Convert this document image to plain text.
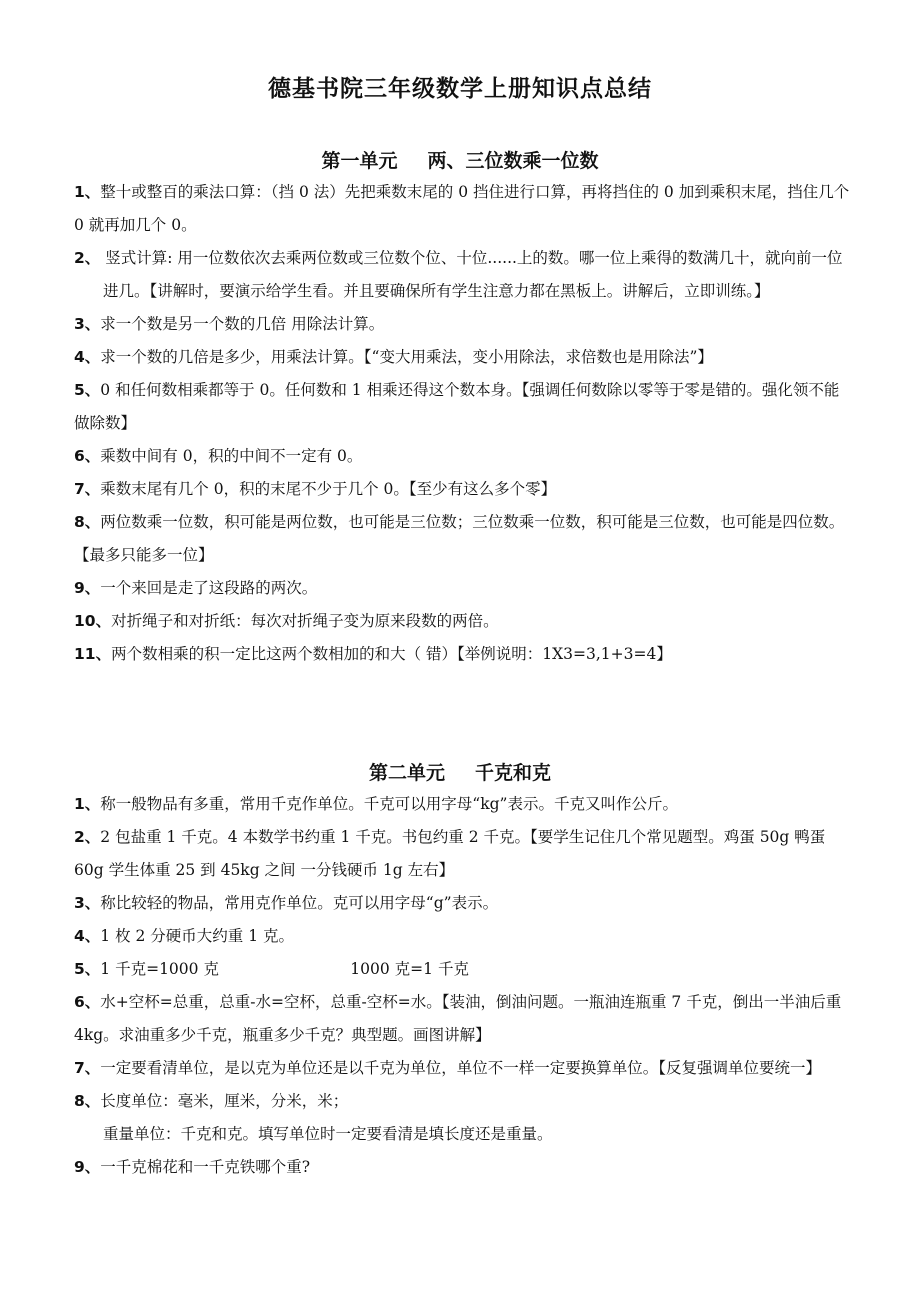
德基书院三年级数学上册知识点总结
第一单元 两、三位数乘一位数
1、整十或整百的乘法口算：（挡 0 法）先把乘数末尾的 0 挡住进行口算，再将挡住的 0 加到乘积末尾，挡住几个 0 就再加几个 0。
2、 竖式计算: 用一位数依次去乘两位数或三位数个位、十位......上的数。哪一位上乘得的数满几十，就向前一位进几。【讲解时，要演示给学生看。并且要确保所有学生注意力都在黑板上。讲解后，立即训练。】
3、求一个数是另一个数的几倍 用除法计算。
4、求一个数的几倍是多少，用乘法计算。【“变大用乘法，变小用除法，求倍数也是用除法”】
5、0 和任何数相乘都等于 0。任何数和 1 相乘还得这个数本身。【强调任何数除以零等于零是错的。强化领不能做除数】
6、乘数中间有 0，积的中间不一定有 0。
7、乘数末尾有几个 0，积的末尾不少于几个 0。【至少有这么多个零】
8、两位数乘一位数，积可能是两位数，也可能是三位数；三位数乘一位数，积可能是三位数，也可能是四位数。【最多只能多一位】
9、一个来回是走了这段路的两次。
10、对折绳子和对折纸：每次对折绳子变为原来段数的两倍。
11、两个数相乘的积一定比这两个数相加的和大（ 错）【举例说明：1X3=3,1+3=4】
第二单元 千克和克
1、称一般物品有多重，常用千克作单位。千克可以用字母“kg”表示。千克又叫作公斤。
2、2 包盐重 1 千克。4 本数学书约重 1 千克。书包约重 2 千克。【要学生记住几个常见题型。鸡蛋 50g 鸭蛋 60g 学生体重 25 到 45kg 之间 一分钱硬币 1g 左右】
3、称比较轻的物品，常用克作单位。克可以用字母“g”表示。
4、1 枚 2 分硬币大约重 1 克。
5、1 千克=1000 克	1000 克=1 千克
6、水+空杯=总重，总重-水=空杯，总重-空杯=水。【装油，倒油问题。一瓶油连瓶重 7 千克，倒出一半油后重 4kg。求油重多少千克，瓶重多少千克？典型题。画图讲解】
7、一定要看清单位，是以克为单位还是以千克为单位，单位不一样一定要换算单位。【反复强调单位要统一】
8、长度单位：毫米，厘米，分米，米；
重量单位：千克和克。填写单位时一定要看清是填长度还是重量。
9、一千克棉花和一千克铁哪个重?
